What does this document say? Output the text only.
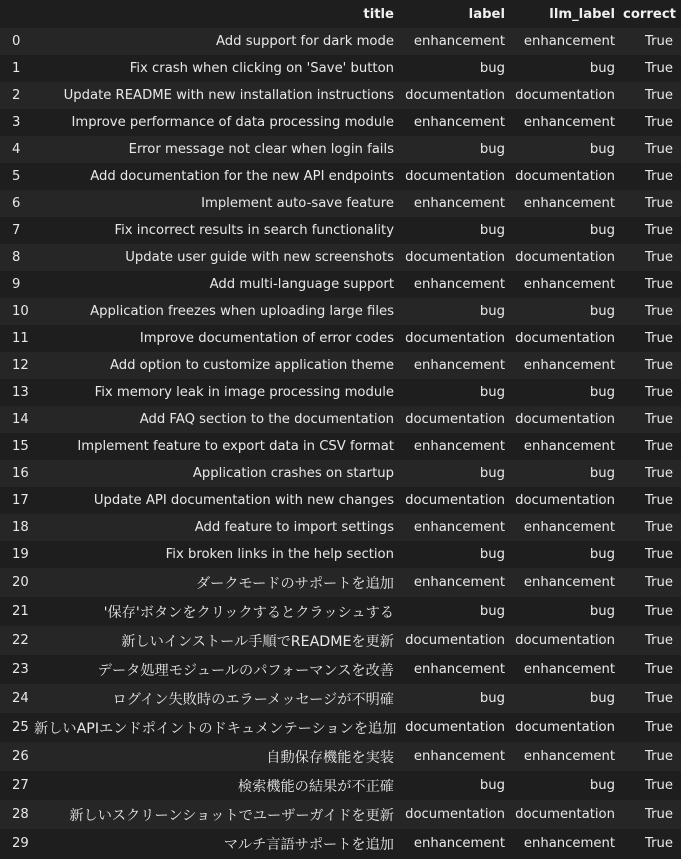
	title	label	llm_label	correct
0	Add support for dark mode	enhancement	enhancement	True
1	Fix crash when clicking on 'Save' button	bug	bug	True
2	Update README with new installation instructions	documentation	documentation	True
3	Improve performance of data processing module	enhancement	enhancement	True
4	Error message not clear when login fails	bug	bug	True
5	Add documentation for the new API endpoints	documentation	documentation	True
6	Implement auto-save feature	enhancement	enhancement	True
7	Fix incorrect results in search functionality	bug	bug	True
8	Update user guide with new screenshots	documentation	documentation	True
9	Add multi-language support	enhancement	enhancement	True
10	Application freezes when uploading large files	bug	bug	True
11	Improve documentation of error codes	documentation	documentation	True
12	Add option to customize application theme	enhancement	enhancement	True
13	Fix memory leak in image processing module	bug	bug	True
14	Add FAQ section to the documentation	documentation	documentation	True
15	Implement feature to export data in CSV format	enhancement	enhancement	True
16	Application crashes on startup	bug	bug	True
17	Update API documentation with new changes	documentation	documentation	True
18	Add feature to import settings	enhancement	enhancement	True
19	Fix broken links in the help section	bug	bug	True
20	ダークモードのサポートを追加	enhancement	enhancement	True
21	'保存'ボタンをクリックするとクラッシュする	bug	bug	True
22	新しいインストール手順でREADMEを更新	documentation	documentation	True
23	データ処理モジュールのパフォーマンスを改善	enhancement	enhancement	True
24	ログイン失敗時のエラーメッセージが不明確	bug	bug	True
25	新しいAPIエンドポイントのドキュメンテーションを追加	documentation	documentation	True
26	自動保存機能を実装	enhancement	enhancement	True
27	検索機能の結果が不正確	bug	bug	True
28	新しいスクリーンショットでユーザーガイドを更新	documentation	documentation	True
29	マルチ言語サポートを追加	enhancement	enhancement	True
